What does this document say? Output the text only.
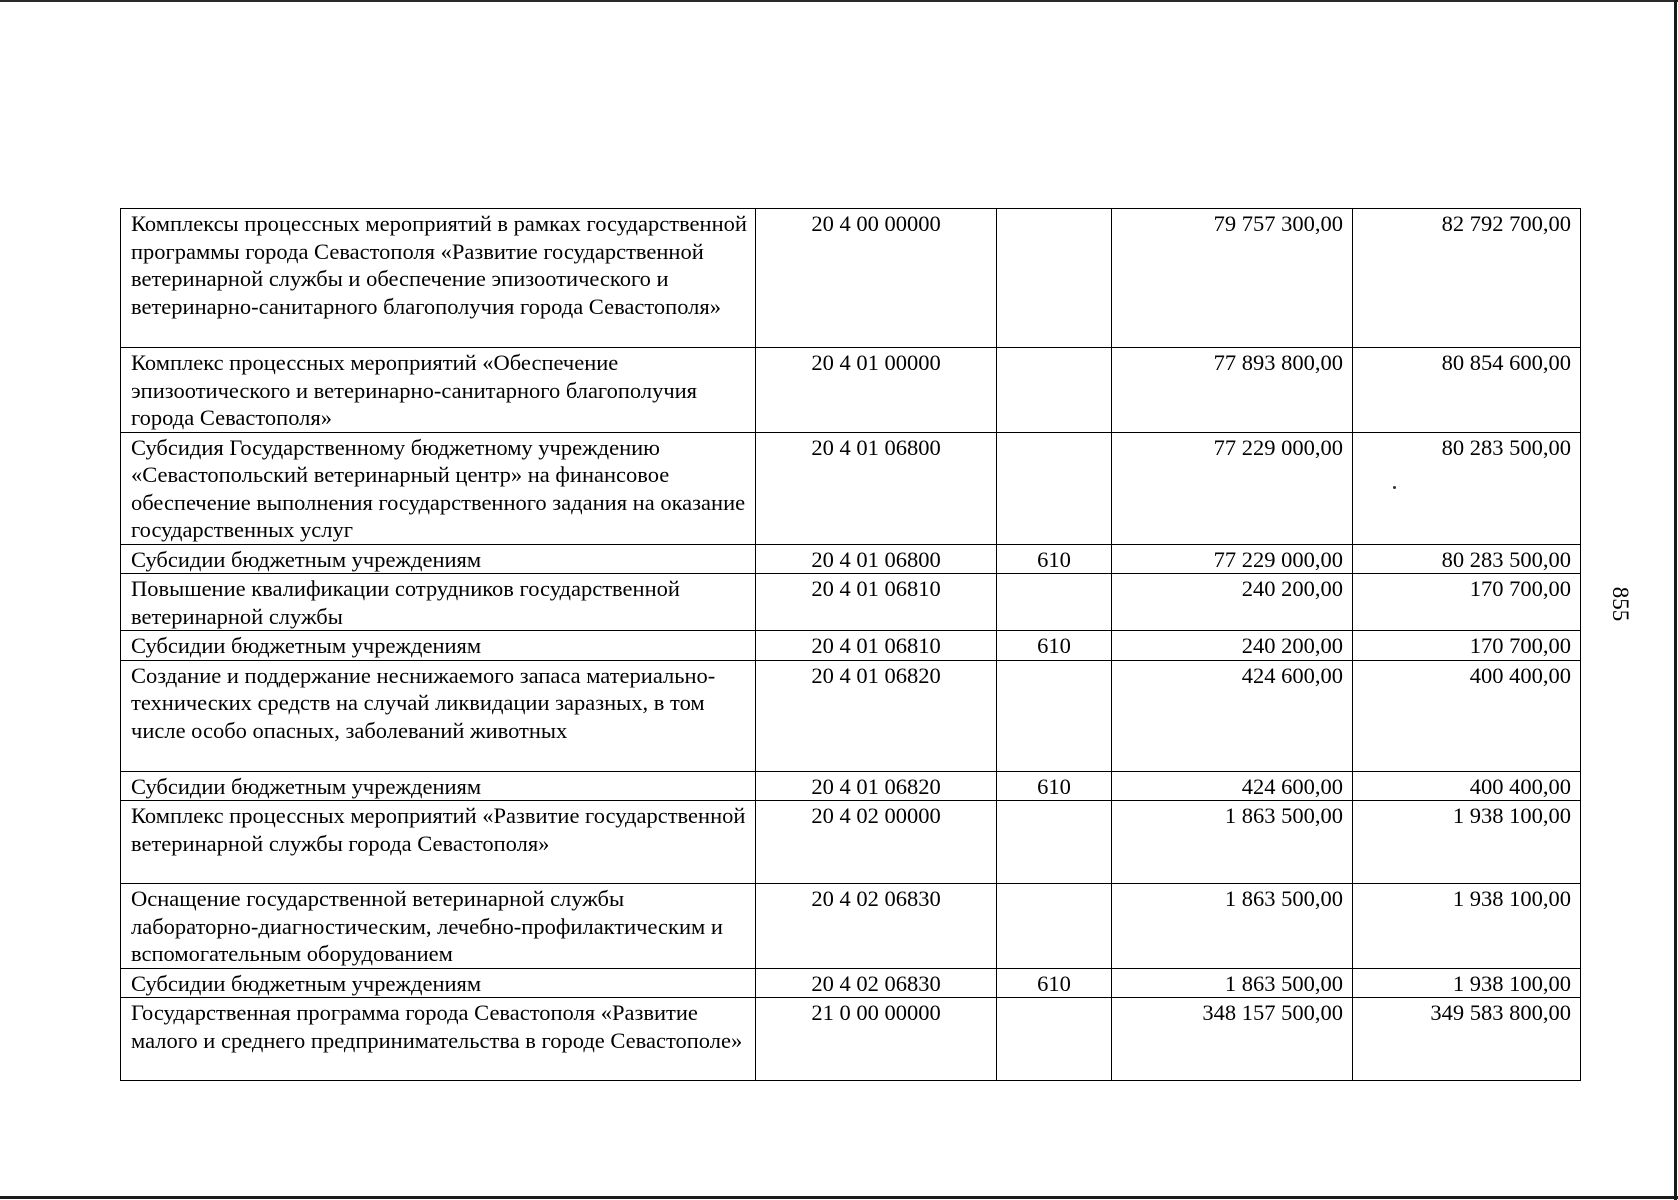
855
Комплексы процессных мероприятий в рамках государственной программы города Севастополя «Развитие государственной ветеринарной службы и обеспечение эпизоотического и ветеринарно-санитарного благополучия города Севастополя»	20 4 00 00000		79 757 300,00	82 792 700,00
Комплекс процессных мероприятий «Обеспечение эпизоотического и ветеринарно-санитарного благополучия города Севастополя»	20 4 01 00000		77 893 800,00	80 854 600,00
Субсидия Государственному бюджетному учреждению «Севастопольский ветеринарный центр» на финансовое обеспечение выполнения государственного задания на оказание государственных услуг	20 4 01 06800		77 229 000,00	80 283 500,00
Субсидии бюджетным учреждениям	20 4 01 06800	610	77 229 000,00	80 283 500,00
Повышение квалификации сотрудников государственной ветеринарной службы	20 4 01 06810		240 200,00	170 700,00
Субсидии бюджетным учреждениям	20 4 01 06810	610	240 200,00	170 700,00
Создание и поддержание неснижаемого запаса материально-технических средств на случай ликвидации заразных, в том числе особо опасных, заболеваний животных	20 4 01 06820		424 600,00	400 400,00
Субсидии бюджетным учреждениям	20 4 01 06820	610	424 600,00	400 400,00
Комплекс процессных мероприятий «Развитие государственной ветеринарной службы города Севастополя»	20 4 02 00000		1 863 500,00	1 938 100,00
Оснащение государственной ветеринарной службы лабораторно-диагностическим, лечебно-профилактическим и вспомогательным оборудованием	20 4 02 06830		1 863 500,00	1 938 100,00
Субсидии бюджетным учреждениям	20 4 02 06830	610	1 863 500,00	1 938 100,00
Государственная программа города Севастополя «Развитие малого и среднего предпринимательства в городе Севастополе»	21 0 00 00000		348 157 500,00	349 583 800,00
